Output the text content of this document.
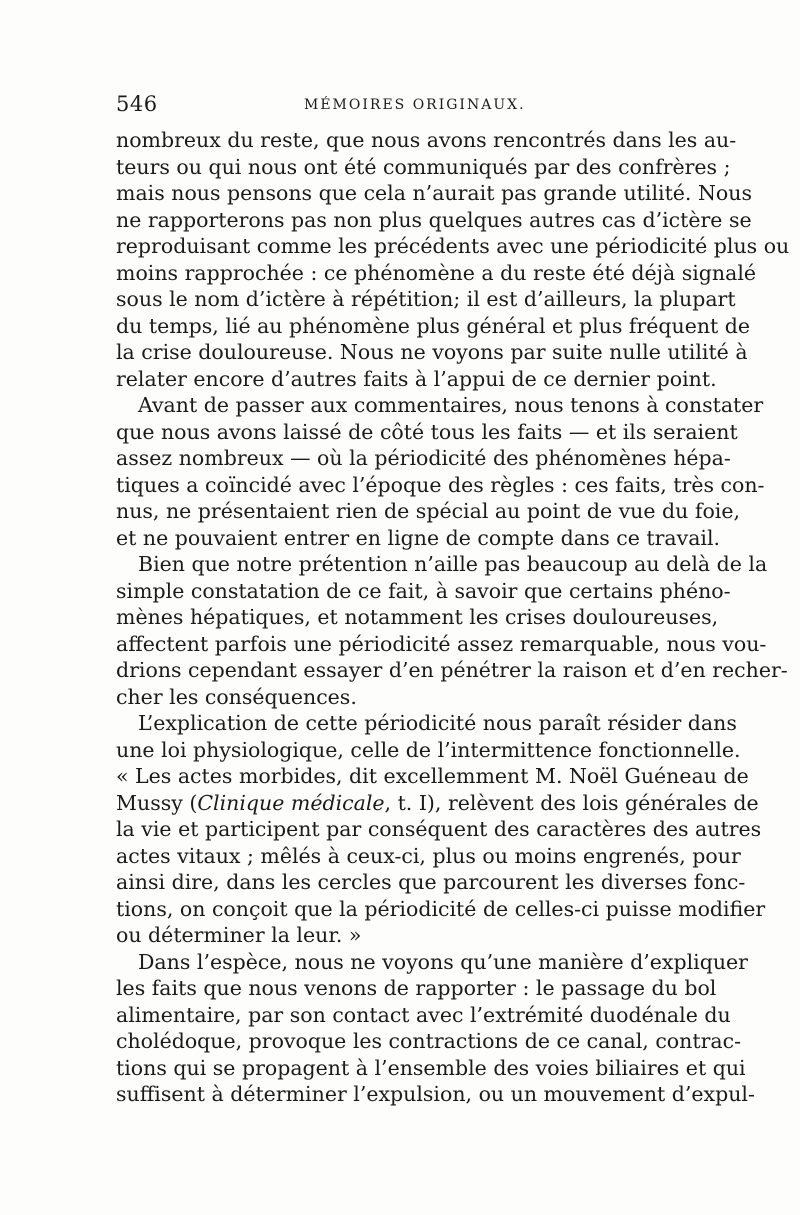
546	MÉMOIRES ORIGINAUX.
nombreux du reste, que nous avons rencontrés dans les au-
teurs ou qui nous ont été communiqués par des confrères ;
mais nous pensons que cela n’aurait pas grande utilité. Nous
ne rapporterons pas non plus quelques autres cas d’ictère se
reproduisant comme les précédents avec une périodicité plus ou
moins rapprochée : ce phénomène a du reste été déjà signalé
sous le nom d’ictère à répétition; il est d’ailleurs, la plupart
du temps, lié au phénomène plus général et plus fréquent de
la crise douloureuse. Nous ne voyons par suite nulle utilité à
relater encore d’autres faits à l’appui de ce dernier point.
Avant de passer aux commentaires, nous tenons à constater
que nous avons laissé de côté tous les faits — et ils seraient
assez nombreux — où la périodicité des phénomènes hépa-
tiques a coïncidé avec l’époque des règles : ces faits, très con-
nus, ne présentaient rien de spécial au point de vue du foie,
et ne pouvaient entrer en ligne de compte dans ce travail.
Bien que notre prétention n’aille pas beaucoup au delà de la
simple constatation de ce fait, à savoir que certains phéno-
mènes hépatiques, et notamment les crises douloureuses,
affectent parfois une périodicité assez remarquable, nous vou-
drions cependant essayer d’en pénétrer la raison et d’en recher-
cher les conséquences.
L’explication de cette périodicité nous paraît résider dans
une loi physiologique, celle de l’intermittence fonctionnelle.
« Les actes morbides, dit excellemment M. Noël Guéneau de
Mussy (Clinique médicale, t. I), relèvent des lois générales de
la vie et participent par conséquent des caractères des autres
actes vitaux ; mêlés à ceux-ci, plus ou moins engrenés, pour
ainsi dire, dans les cercles que parcourent les diverses fonc-
tions, on conçoit que la périodicité de celles-ci puisse modifier
ou déterminer la leur. »
Dans l’espèce, nous ne voyons qu’une manière d’expliquer
les faits que nous venons de rapporter : le passage du bol
alimentaire, par son contact avec l’extrémité duodénale du
cholédoque, provoque les contractions de ce canal, contrac-
tions qui se propagent à l’ensemble des voies biliaires et qui
suffisent à déterminer l’expulsion, ou un mouvement d’expul-
